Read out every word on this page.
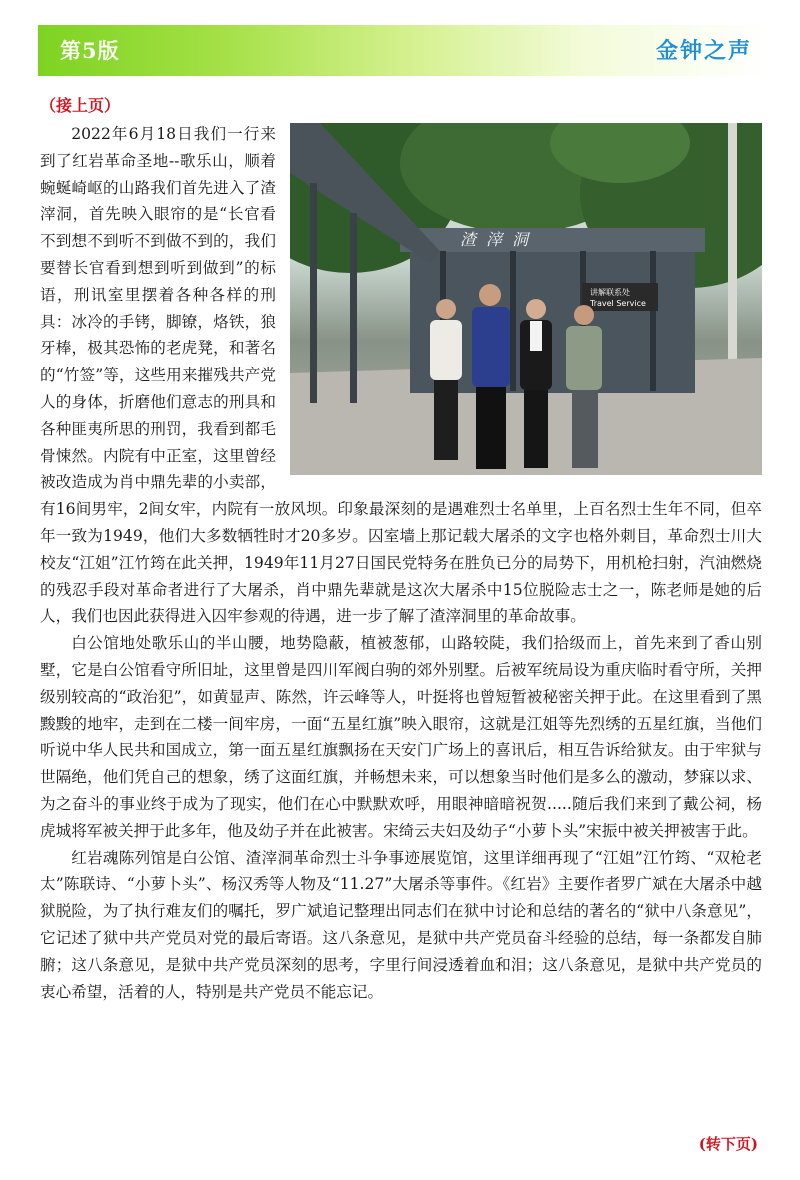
第5版	金钟之声
（接上页）
渣滓洞
讲解联系处
Travel Service

2022年6月18日我们一行来到了红岩革命圣地--歌乐山，顺着蜿蜒崎岖的山路我们首先进入了渣滓洞，首先映入眼帘的是“长官看不到想不到听不到做不到的，我们要替长官看到想到听到做到”的标语，刑讯室里摆着各种各样的刑具：冰冷的手铐，脚镣，烙铁，狼牙棒，极其恐怖的老虎凳，和著名的“竹签”等，这些用来摧残共产党人的身体，折磨他们意志的刑具和各种匪夷所思的刑罚，我看到都毛骨悚然。内院有中正室，这里曾经被改造成为肖中鼎先辈的小卖部，有16间男牢，2间女牢，内院有一放风坝。印象最深刻的是遇难烈士名单里，上百名烈士生年不同，但卒年一致为1949，他们大多数牺牲时才20多岁。囚室墙上那记载大屠杀的文字也格外刺目，革命烈士川大校友“江姐”江竹筠在此关押，1949年11月27日国民党特务在胜负已分的局势下，用机枪扫射，汽油燃烧的残忍手段对革命者进行了大屠杀，肖中鼎先辈就是这次大屠杀中15位脱险志士之一，陈老师是她的后人，我们也因此获得进入囚牢参观的待遇，进一步了解了渣滓洞里的革命故事。

白公馆地处歌乐山的半山腰，地势隐蔽，植被葱郁，山路较陡，我们拾级而上，首先来到了香山别墅，它是白公馆看守所旧址，这里曾是四川军阀白驹的郊外别墅。后被军统局设为重庆临时看守所，关押级别较高的“政治犯”，如黄显声、陈然，许云峰等人，叶挺将也曾短暂被秘密关押于此。在这里看到了黑黢黢的地牢，走到在二楼一间牢房，一面“五星红旗”映入眼帘，这就是江姐等先烈绣的五星红旗，当他们听说中华人民共和国成立，第一面五星红旗飘扬在天安门广场上的喜讯后，相互告诉给狱友。由于牢狱与世隔绝，他们凭自己的想象，绣了这面红旗，并畅想未来，可以想象当时他们是多么的激动，梦寐以求、为之奋斗的事业终于成为了现实，他们在心中默默欢呼，用眼神暗暗祝贺.....随后我们来到了戴公祠，杨虎城将军被关押于此多年，他及幼子并在此被害。宋绮云夫妇及幼子“小萝卜头”宋振中被关押被害于此。

红岩魂陈列馆是白公馆、渣滓洞革命烈士斗争事迹展览馆，这里详细再现了“江姐”江竹筠、“双枪老太”陈联诗、“小萝卜头”、杨汉秀等人物及“11.27”大屠杀等事件。《红岩》主要作者罗广斌在大屠杀中越狱脱险，为了执行难友们的嘱托，罗广斌追记整理出同志们在狱中讨论和总结的著名的“狱中八条意见”，它记述了狱中共产党员对党的最后寄语。这八条意见，是狱中共产党员奋斗经验的总结，每一条都发自肺腑；这八条意见，是狱中共产党员深刻的思考，字里行间浸透着血和泪；这八条意见，是狱中共产党员的衷心希望，活着的人，特别是共产党员不能忘记。

(转下页)
